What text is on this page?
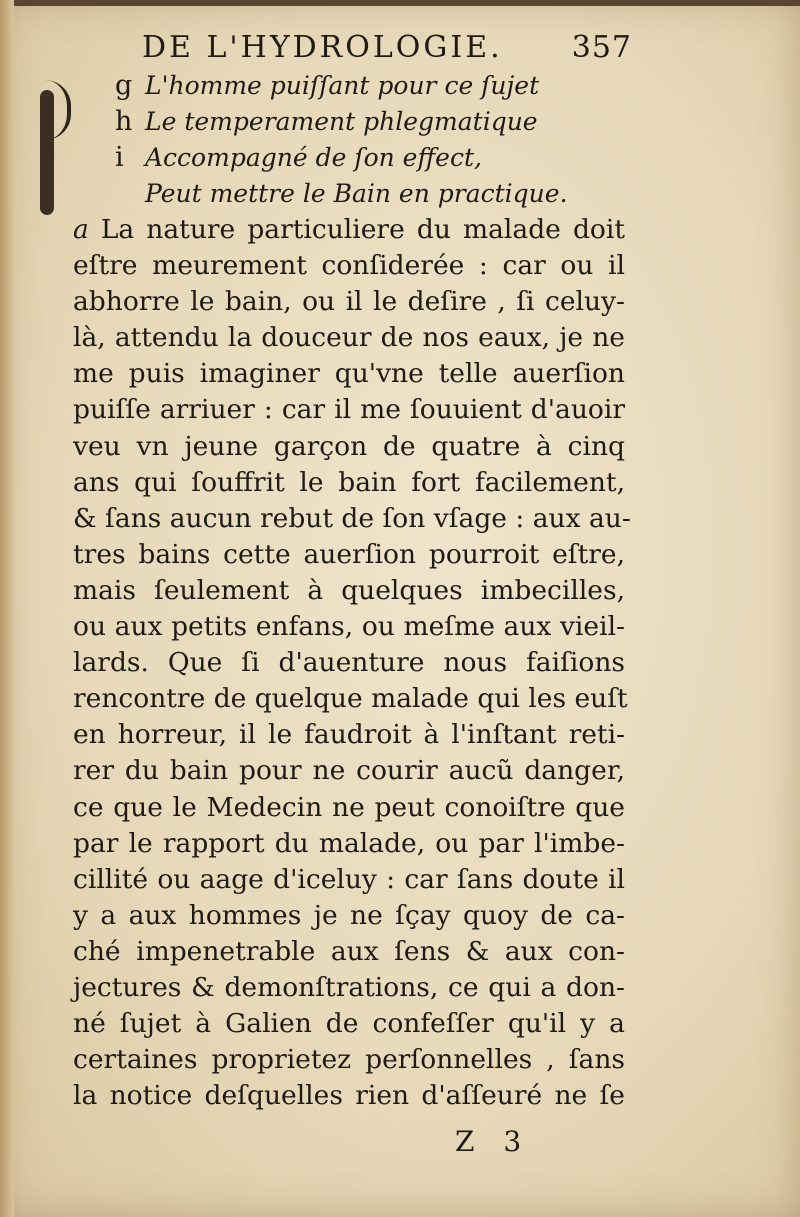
DE L'HYDROLOGIE. 357
g L'homme puiſſant pour ce ſujet
h Le temperament phlegmatique
i Accompagné de ſon effect,
Peut mettre le Bain en practique.
a La nature particuliere du malade doit
eſtre meurement conſiderée : car ou il
abhorre le bain, ou il le deſire , ſi celuy-
là, attendu la douceur de nos eaux, je ne
me puis imaginer qu'vne telle auerſion
puiſſe arriuer : car il me ſouuient d'auoir
veu vn jeune garçon de quatre à cinq
ans qui ſouffrit le bain fort facilement,
& ſans aucun rebut de ſon vſage : aux au-
tres bains cette auerſion pourroit eſtre,
mais ſeulement à quelques imbecilles,
ou aux petits enfans, ou meſme aux vieil-
lards. Que ſi d'auenture nous faiſions
rencontre de quelque malade qui les euſt
en horreur, il le faudroit à l'inſtant reti-
rer du bain pour ne courir aucũ danger,
ce que le Medecin ne peut conoiſtre que
par le rapport du malade, ou par l'imbe-
cillité ou aage d'iceluy : car ſans doute il
y a aux hommes je ne ſçay quoy de ca-
ché impenetrable aux ſens & aux con-
jectures & demonſtrations, ce qui a don-
né ſujet à Galien de confeſſer qu'il y a
certaines proprietez perſonnelles , ſans
la notice deſquelles rien d'aſſeuré ne ſe
Z 3
